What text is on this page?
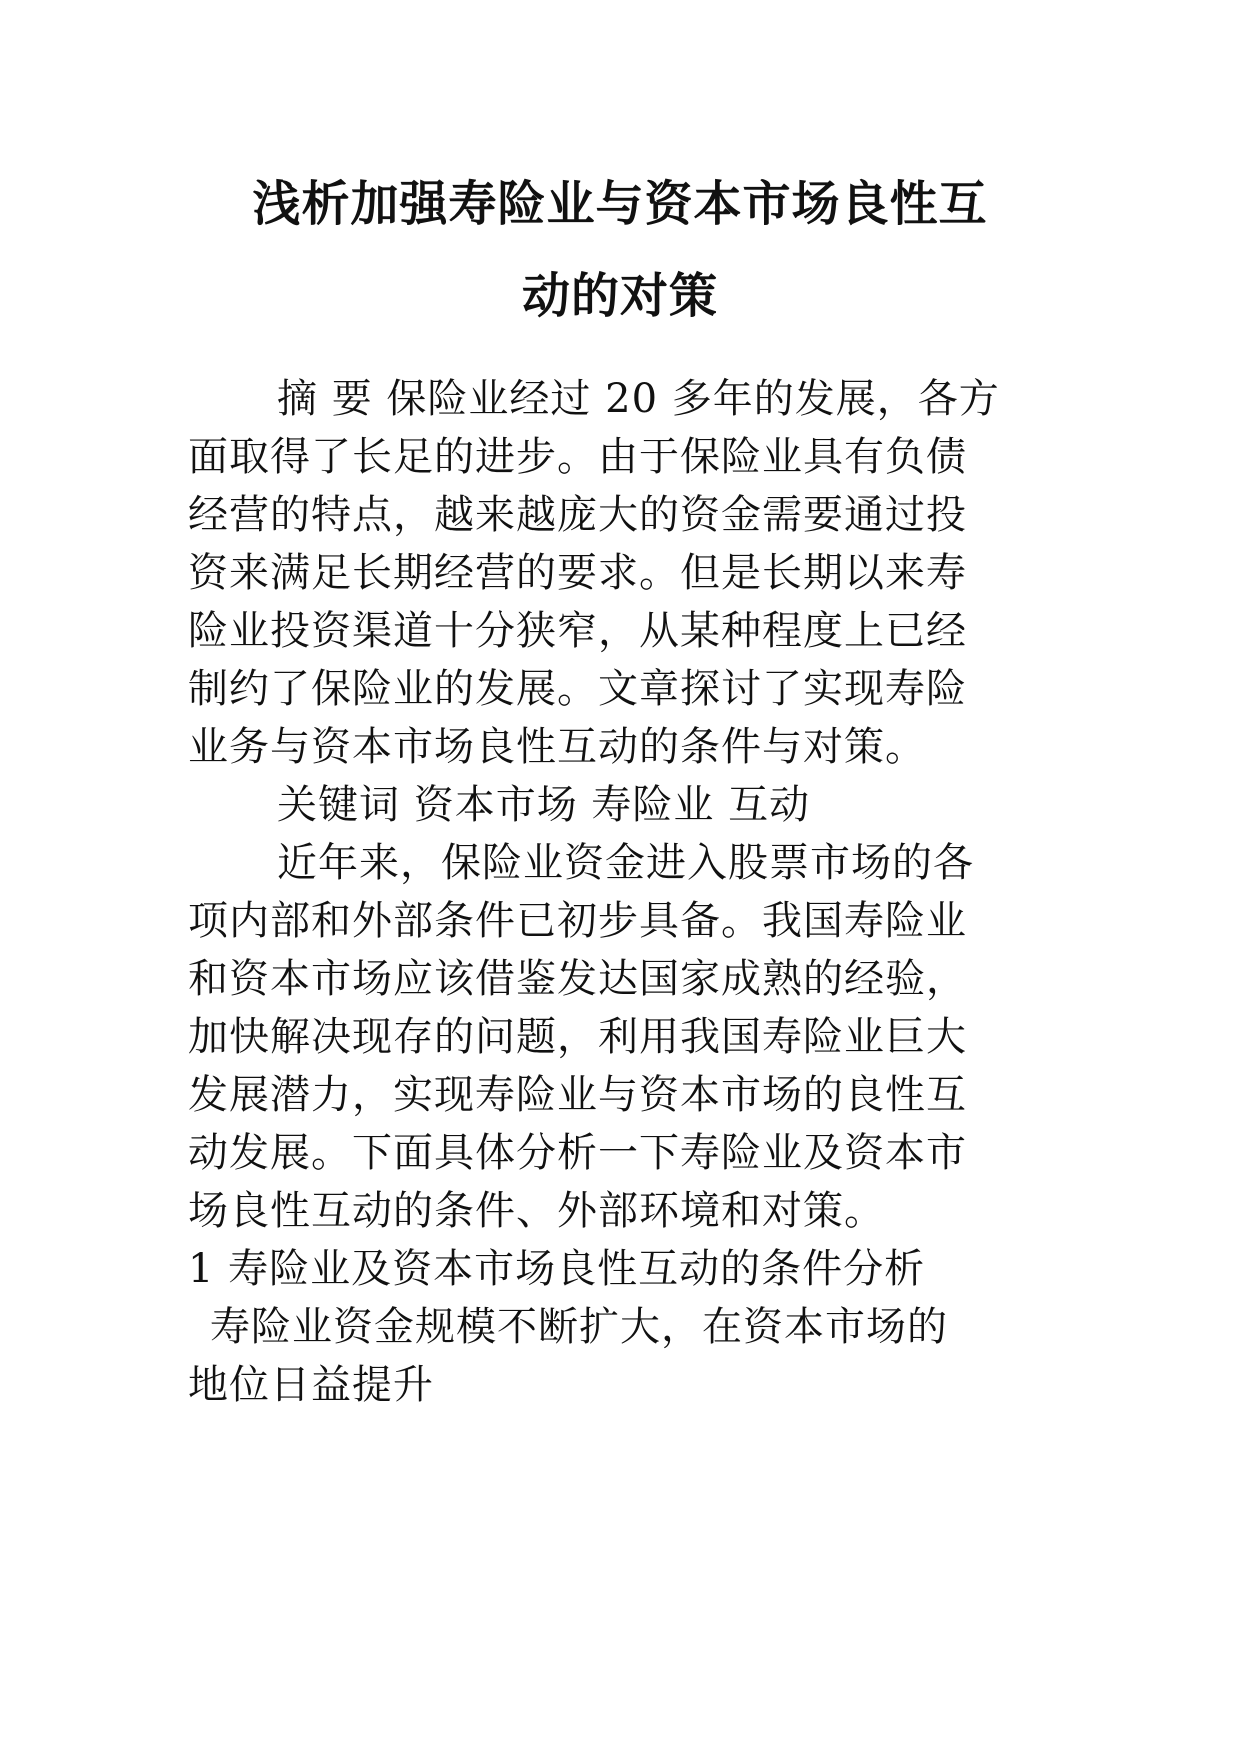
浅析加强寿险业与资本市场良性互
动的对策
摘 要 保险业经过 20 多年的发展，各方
面取得了长足的进步。由于保险业具有负债
经营的特点，越来越庞大的资金需要通过投
资来满足长期经营的要求。但是长期以来寿
险业投资渠道十分狭窄，从某种程度上已经
制约了保险业的发展。文章探讨了实现寿险
业务与资本市场良性互动的条件与对策。
关键词 资本市场 寿险业 互动
近年来，保险业资金进入股票市场的各
项内部和外部条件已初步具备。我国寿险业
和资本市场应该借鉴发达国家成熟的经验，
加快解决现存的问题，利用我国寿险业巨大
发展潜力，实现寿险业与资本市场的良性互
动发展。下面具体分析一下寿险业及资本市
场良性互动的条件、外部环境和对策。
1 寿险业及资本市场良性互动的条件分析
寿险业资金规模不断扩大，在资本市场的
地位日益提升
